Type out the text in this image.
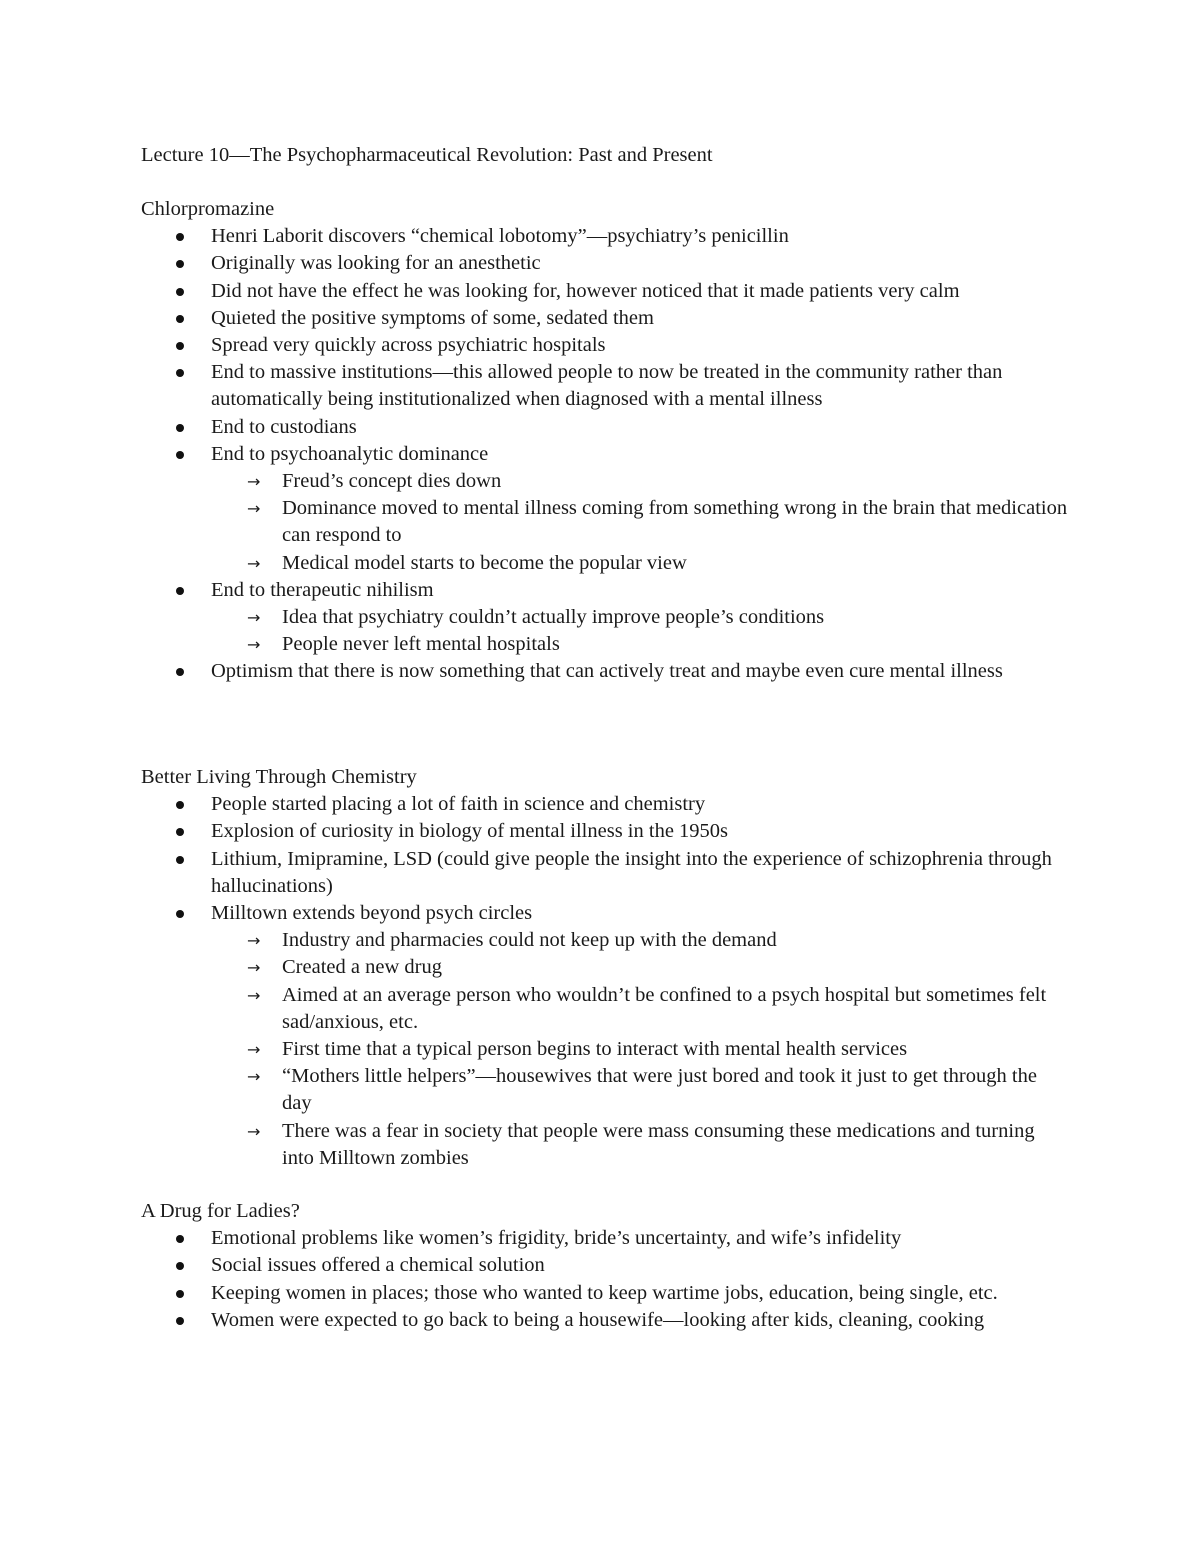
Lecture 10—The Psychopharmaceutical Revolution: Past and Present

Chlorpromazine

Henri Laborit discovers “chemical lobotomy”—psychiatry’s penicillin
Originally was looking for an anesthetic
Did not have the effect he was looking for, however noticed that it made patients very calm
Quieted the positive symptoms of some, sedated them
Spread very quickly across psychiatric hospitals
End to massive institutions—this allowed people to now be treated in the community rather than automatically being institutionalized when diagnosed with a mental illness
End to custodians
End to psychoanalytic dominance
→ Freud’s concept dies down
→ Dominance moved to mental illness coming from something wrong in the brain that medication can respond to
→ Medical model starts to become the popular view
End to therapeutic nihilism
→ Idea that psychiatry couldn’t actually improve people’s conditions
→ People never left mental hospitals
Optimism that there is now something that can actively treat and maybe even cure mental illness

Better Living Through Chemistry

People started placing a lot of faith in science and chemistry
Explosion of curiosity in biology of mental illness in the 1950s
Lithium, Imipramine, LSD (could give people the insight into the experience of schizophrenia through hallucinations)
Milltown extends beyond psych circles
→ Industry and pharmacies could not keep up with the demand
→ Created a new drug
→ Aimed at an average person who wouldn’t be confined to a psych hospital but sometimes felt sad/anxious, etc.
→ First time that a typical person begins to interact with mental health services
→ “Mothers little helpers”—housewives that were just bored and took it just to get through the day
→ There was a fear in society that people were mass consuming these medications and turning into Milltown zombies

A Drug for Ladies?

Emotional problems like women’s frigidity, bride’s uncertainty, and wife’s infidelity
Social issues offered a chemical solution
Keeping women in places; those who wanted to keep wartime jobs, education, being single, etc.
Women were expected to go back to being a housewife—looking after kids, cleaning, cooking
